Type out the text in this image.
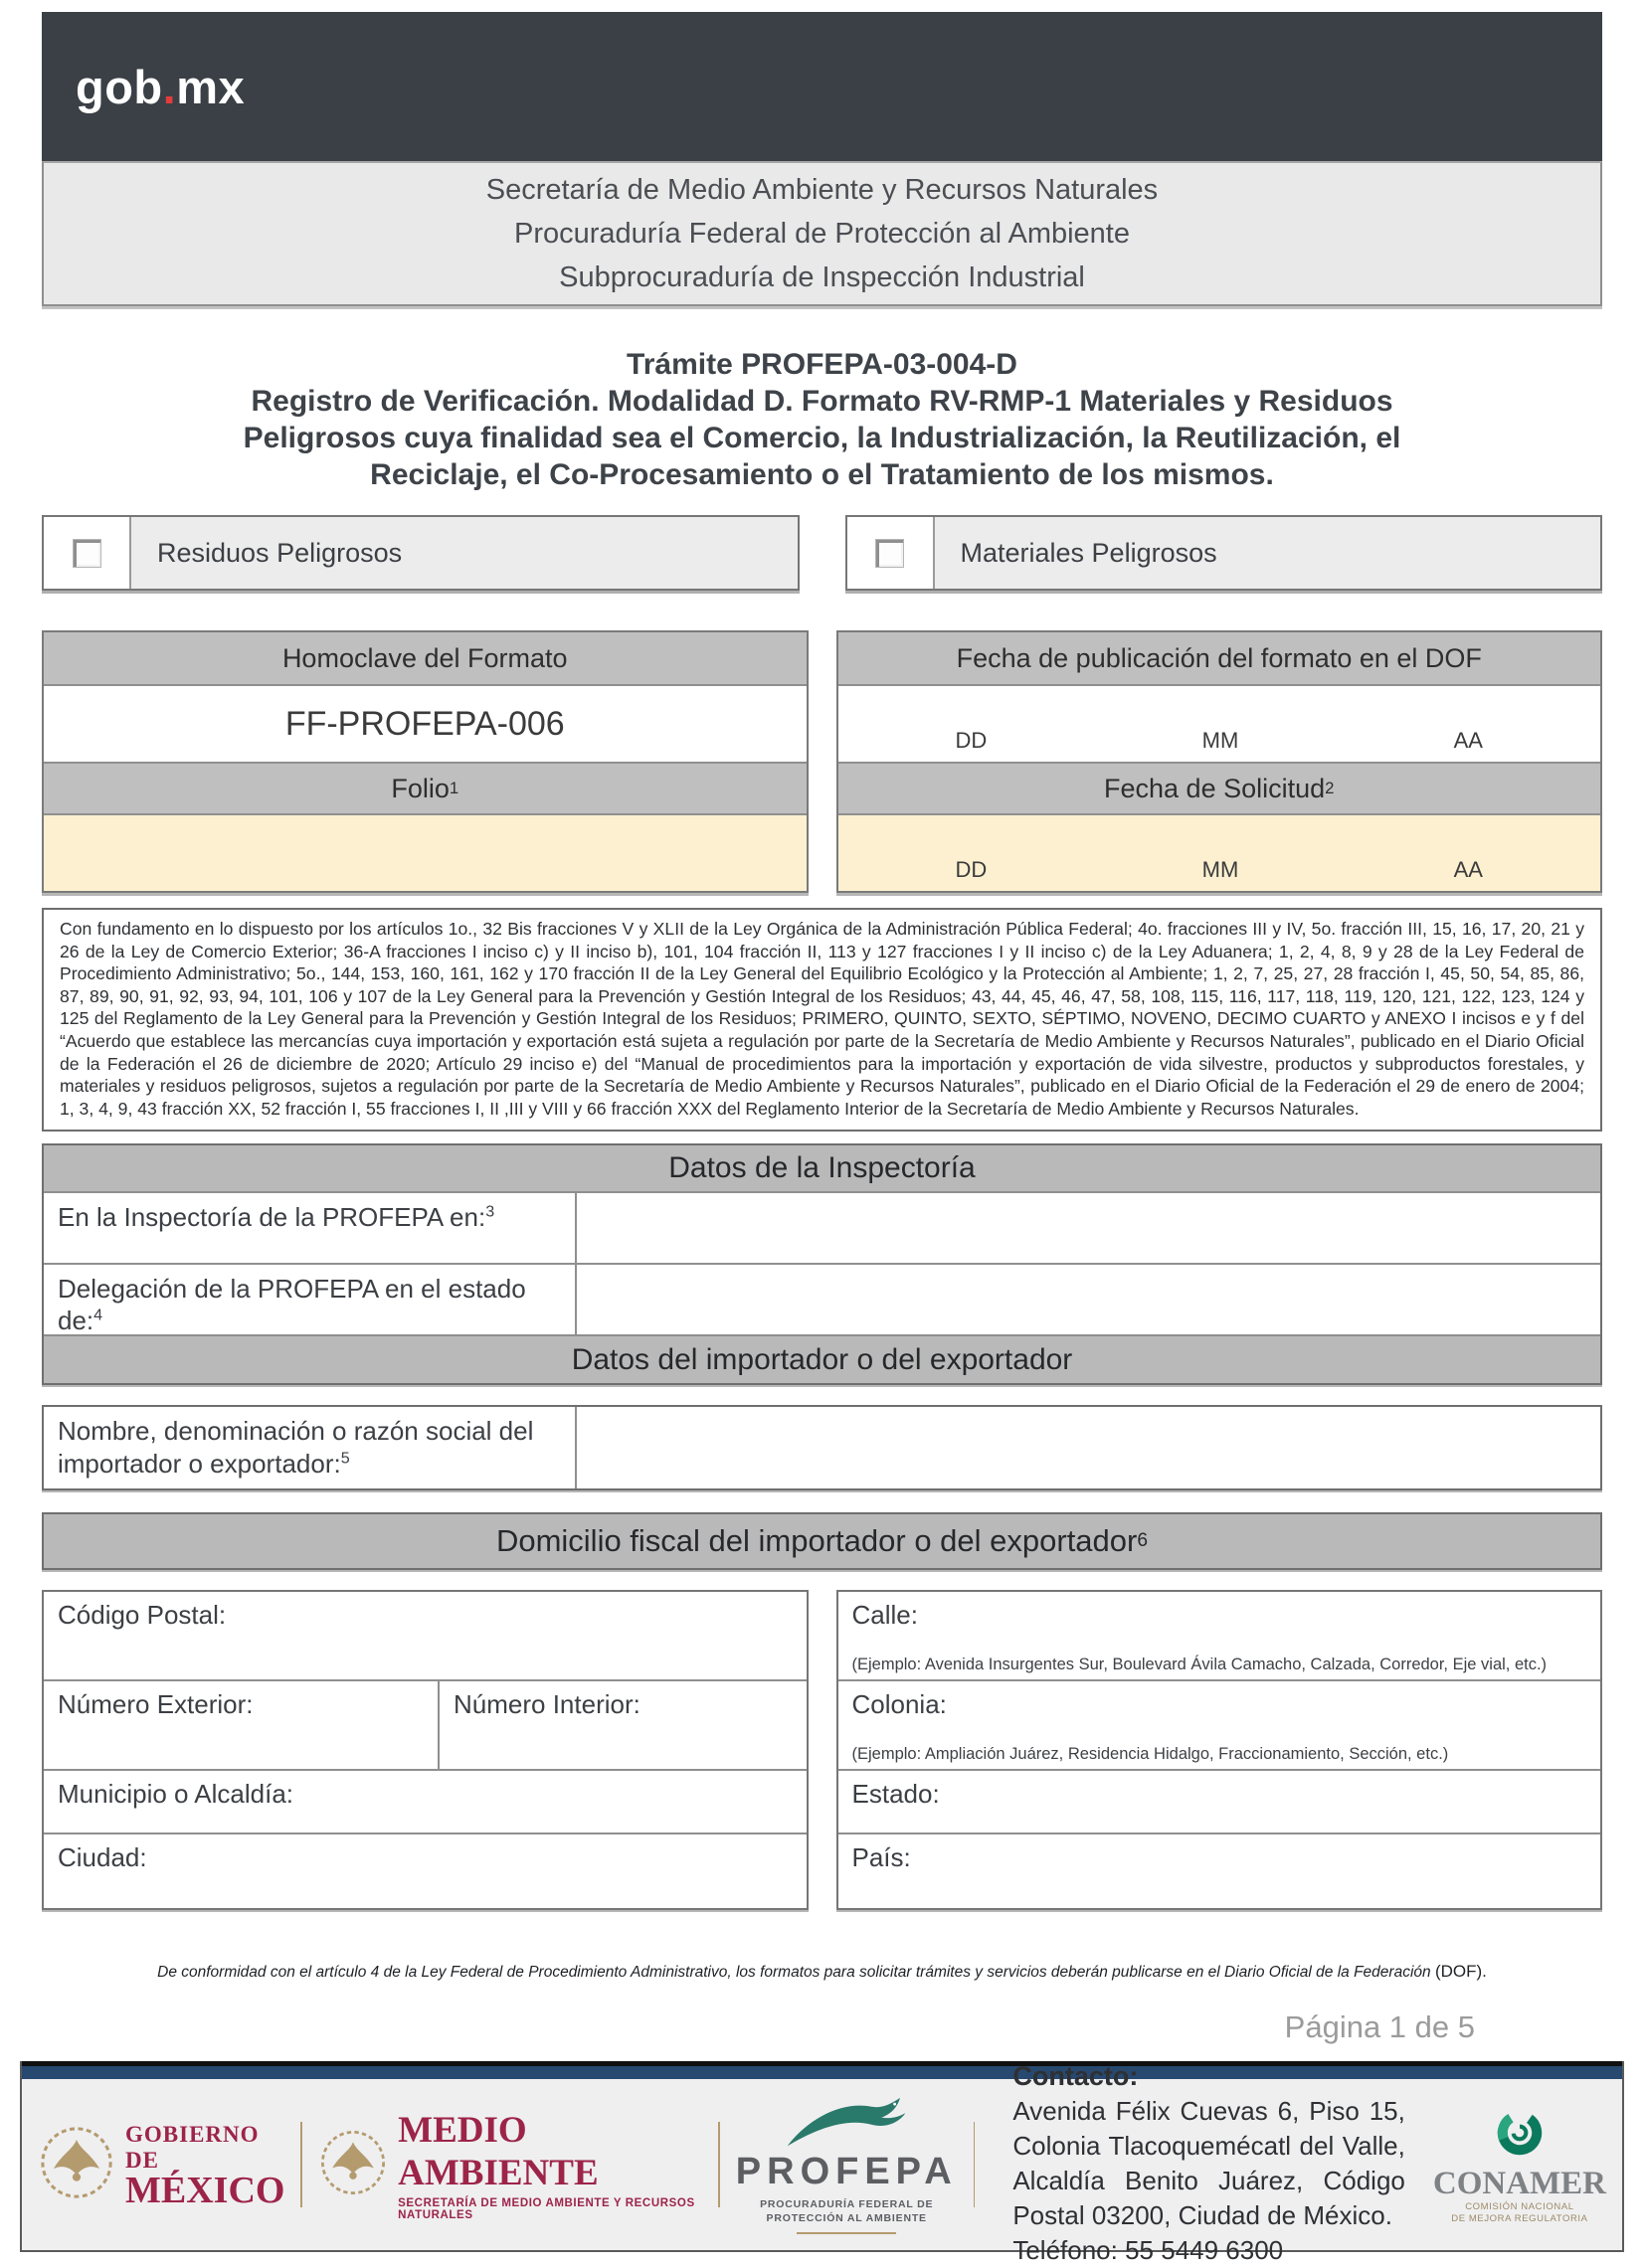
gob.mx
Secretaría de Medio Ambiente y Recursos Naturales
Procuraduría Federal de Protección al Ambiente
Subprocuraduría de Inspección Industrial
Trámite PROFEPA-03-004-D
Registro de Verificación. Modalidad D. Formato RV-RMP-1 Materiales y Residuos Peligrosos cuya finalidad sea el Comercio, la Industrialización, la Reutilización, el Reciclaje, el Co-Procesamiento o el Tratamiento de los mismos.
Residuos Peligrosos	Materiales Peligrosos
Homoclave del Formato
FF-PROFEPA-006
Folio 1
Fecha de publicación del formato en el DOF
DD	MM	AA
Fecha de Solicitud 2
DD	MM	AA
Con fundamento en lo dispuesto por los artículos 1o., 32 Bis fracciones V y XLII de la Ley Orgánica de la Administración Pública Federal; 4o. fracciones III y IV, 5o. fracción III, 15, 16, 17, 20, 21 y 26 de la Ley de Comercio Exterior; 36-A fracciones I inciso c) y II inciso b), 101, 104 fracción II, 113 y 127 fracciones I y II inciso c) de la Ley Aduanera; 1, 2, 4, 8, 9 y 28 de la Ley Federal de Procedimiento Administrativo; 5o., 144, 153, 160, 161, 162 y 170 fracción II de la Ley General del Equilibrio Ecológico y la Protección al Ambiente; 1, 2, 7, 25, 27, 28 fracción I, 45, 50, 54, 85, 86, 87, 89, 90, 91, 92, 93, 94, 101, 106 y 107 de la Ley General para la Prevención y Gestión Integral de los Residuos; 43, 44, 45, 46, 47, 58, 108, 115, 116, 117, 118, 119, 120, 121, 122, 123, 124 y 125 del Reglamento de la Ley General para la Prevención y Gestión Integral de los Residuos; PRIMERO, QUINTO, SEXTO, SÉPTIMO, NOVENO, DECIMO CUARTO y ANEXO I incisos e y f del “Acuerdo que establece las mercancías cuya importación y exportación está sujeta a regulación por parte de la Secretaría de Medio Ambiente y Recursos Naturales”, publicado en el Diario Oficial de la Federación el 26 de diciembre de 2020; Artículo 29 inciso e) del “Manual de procedimientos para la importación y exportación de vida silvestre, productos y subproductos forestales, y materiales y residuos peligrosos, sujetos a regulación por parte de la Secretaría de Medio Ambiente y Recursos Naturales”, publicado en el Diario Oficial de la Federación el 29 de enero de 2004; 1, 3, 4, 9, 43 fracción XX, 52 fracción I, 55 fracciones I, II ,III y VIII y 66 fracción XXX del Reglamento Interior de la Secretaría de Medio Ambiente y Recursos Naturales.
Datos de la Inspectoría
En la Inspectoría de la PROFEPA en:$^3$
Delegación de la PROFEPA en el estado de:$^4$
Datos del importador o del exportador
Nombre, denominación o razón social del importador o exportador:$^5$
Domicilio fiscal del importador o del exportador 6
Código Postal:
Número Exterior:	Número Interior:
Municipio o Alcaldía:
Ciudad:
Calle:
(Ejemplo: Avenida Insurgentes Sur, Boulevard Ávila Camacho, Calzada, Corredor, Eje vial, etc.)
Colonia:
(Ejemplo: Ampliación Juárez, Residencia Hidalgo, Fraccionamiento, Sección, etc.)
Estado:
País:
De conformidad con el artículo 4 de la Ley Federal de Procedimiento Administrativo, los formatos para solicitar trámites y servicios deberán publicarse en el Diario Oficial de la Federación (DOF).
Página 1 de 5
GOBIERNO DE
MÉXICO
MEDIO AMBIENTE
SECRETARÍA DE MEDIO AMBIENTE Y RECURSOS NATURALES
PROFEPA
PROCURADURÍA FEDERAL DE
PROTECCIÓN AL AMBIENTE
Contacto:
Avenida Félix Cuevas 6, Piso 15, Colonia Tlacoquemécatl del Valle, Alcaldía Benito Juárez, Código Postal 03200, Ciudad de México.
Teléfono: 55 5449 6300
CONAMER
COMISIÓN NACIONAL
DE MEJORA REGULATORIA
